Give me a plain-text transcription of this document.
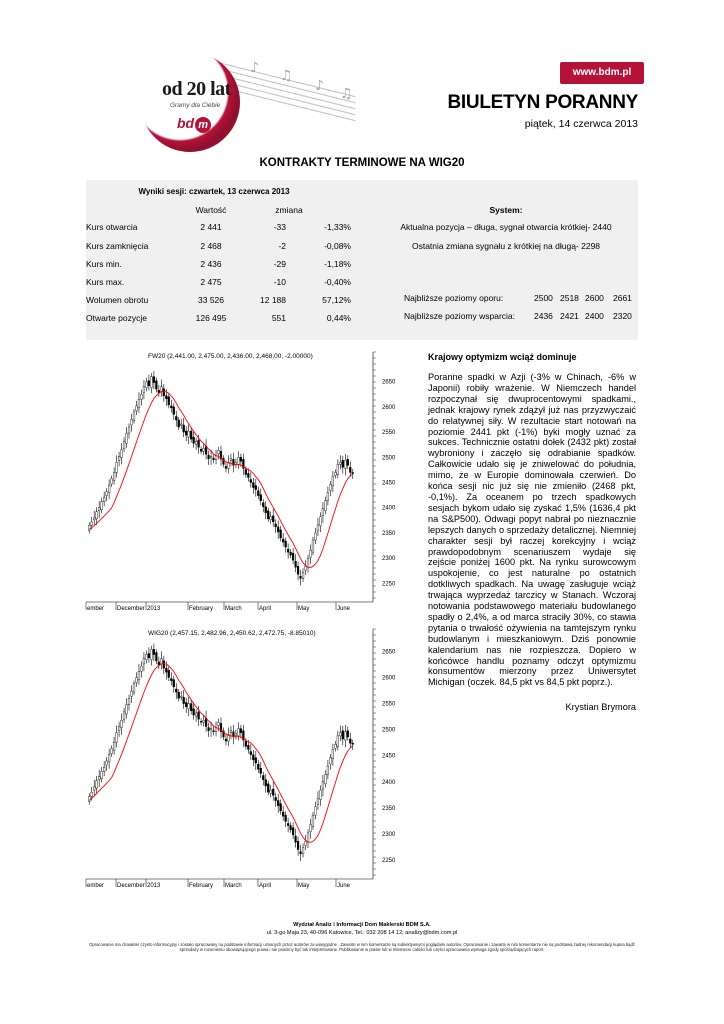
♪ ♫
♪ ♫
od 20 lat
Gramy dla Ciebie
bd m
www.bdm.pl
BIULETYN PORANNY
piątek, 14 czerwca 2013
KONTRAKTY TERMINOWE NA WIG20
Wyniki sesji: czwartek, 13 czerwca 2013
Wartość	zmiana	System:
Kurs otwarcia	2 441	-33	-1,33%
Kurs zamknięcia	2 468	-2	-0,08%
Kurs min.	2 436	-29	-1,18%
Kurs max.	2 475	-10	-0,40%
Wolumen obrotu	33 526	12 188	57,12%
Otwarte pozycje	126 495	551	0,44%
Aktualna pozycja – długa, sygnał otwarcia krótkiej- 2440
Ostatnia zmiana sygnału z krótkiej na długą- 2298
Najbliższe poziomy oporu:	2500 2518 2600 2661
Najbliższe poziomy wsparcia: 2436 2421 2400 2320
FW20 (2,441.00, 2,475.00, 2,436.00, 2,468.00, -2.00000)
2650
2600
2550
2500
2450
2400
2350
2300
2250
ember December 2013	February March	April	May	June
WIG20 (2,457.15, 2,482.96, 2,450.62, 2,472.75, -8.85010)
2650
2600
2550
2500
2450
2400
2350
2300
2250
ember December 2013	February March	April	May	June
Krajowy optymizm wciąż dominuje
Poranne spadki w Azji (-3% w Chinach, -6% w Japonii) robiły wrażenie. W Niemczech handel rozpoczynał się dwuprocentowymi spadkami., jednak krajowy rynek zdążył już nas przyzwyczaić do relatywnej siły. W rezultacie start notowań na poziomie 2441 pkt (-1%) byki mogły uznać za sukces. Technicznie ostatni dołek (2432 pkt) został wybroniony i zaczęło się odrabianie spadków. Całkowicie udało się je zniwelować do południa, mimo, że w Europie dominowała czerwień. Do końca sesji nic już się nie zmieniło (2468 pkt, -0,1%). Za oceanem po trzech spadkowych sesjach bykom udało się zyskać 1,5% (1636,4 pkt na S&P500). Odwagi popyt nabrał po nieznacznie lepszych danych o sprzedaży detalicznej. Niemniej charakter sesji był raczej korekcyjny i wciąż prawdopodobnym scenariuszem wydaje się zejście poniżej 1600 pkt. Na rynku surowcowym uspokojenie, co jest naturalne po ostatnich dotkliwych spadkach. Na uwagę zasługuje wciąż trwająca wyprzedaż tarczicy w Stanach. Wczoraj notowania podstawowego materiału budowlanego spadły o 2,4%, a od marca straciły 30%, co stawia pytania o trwałość ożywienia na tamtejszym rynku budowlanym i mieszkaniowym. Dziś ponownie kalendarium nas nie rozpieszcza. Dopiero w końcówce handlu poznamy odczyt optymizmu konsumentów mierzony przez Uniwersytet Michigan (oczek. 84,5 pkt vs 84,5 pkt poprz.).
Krystian Brymora
Wydział Analiz i Informacji Dom Maklerski BDM S.A.
ul. 3-go Maja 23, 40-096 Katowice, Tel.: 032 208 14 12, analizy@bdm.com.pl
Opracowanie ma charakter czysto informacyjny i zostało opracowany na podstawie informacji uznanych przez autorów za wiarygodne . Zawarte w nim komentarze są subiektywnymi poglądami autorów. Opracowanie i zawarte w nim komentarze nie są podstawą żadnej rekomendacji kupna bądź sprzedaży w rozumieniu obowiązującego prawa i nie powinny być tak interpretowane. Publikowanie w prasie lub w Internecie całości lub części opracowania wymaga zgody sporządzających raport.
